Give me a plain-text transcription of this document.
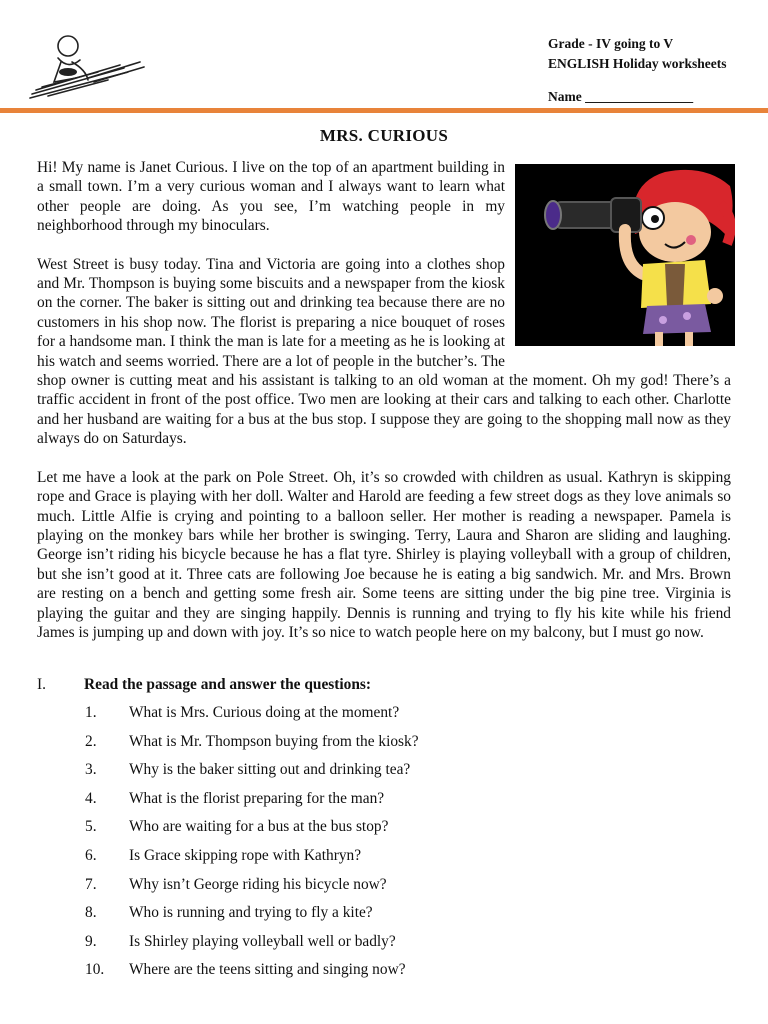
Grade - IV going to V
ENGLISH Holiday worksheets
Name ________________
MRS. CURIOUS

Hi! My name is Janet Curious. I live on the top of an apartment building in a small town. I’m a very curious woman and I always want to learn what other people are doing. As you see, I’m watching people in my neighborhood through my binoculars.

West Street is busy today. Tina and Victoria are going into a clothes shop and Mr. Thompson is buying some biscuits and a newspaper from the kiosk on the corner. The baker is sitting out and drinking tea because there are no customers in his shop now. The florist is preparing a nice bouquet of roses for a handsome man. I think the man is late for a meeting as he is looking at his watch and seems worried. There are a lot of people in the butcher’s. The shop owner is cutting meat and his assistant is talking to an old woman at the moment. Oh my god! There’s a traffic accident in front of the post office. Two men are looking at their cars and talking to each other. Charlotte and her husband are waiting for a bus at the bus stop. I suppose they are going to the shopping mall now as they always do on Saturdays.

Let me have a look at the park on Pole Street. Oh, it’s so crowded with children as usual. Kathryn is skipping rope and Grace is playing with her doll. Walter and Harold are feeding a few street dogs as they love animals so much. Little Alfie is crying and pointing to a balloon seller. Her mother is reading a newspaper. Pamela is playing on the monkey bars while her brother is swinging. Terry, Laura and Sharon are sliding and laughing. George isn’t riding his bicycle because he has a flat tyre. Shirley is playing volleyball with a group of children, but she isn’t good at it. Three cats are following Joe because he is eating a big sandwich. Mr. and Mrs. Brown are resting on a bench and getting some fresh air. Some teens are sitting under the big pine tree. Virginia is playing the guitar and they are singing happily. Dennis is running and trying to fly his kite while his friend James is jumping up and down with joy. It’s so nice to watch people here on my balcony, but I must go now.

I.	Read the passage and answer the questions:
1.	What is Mrs. Curious doing at the moment?
2.	What is Mr. Thompson buying from the kiosk?
3.	Why is the baker sitting out and drinking tea?
4.	What is the florist preparing for the man?
5.	Who are waiting for a bus at the bus stop?
6.	Is Grace skipping rope with Kathryn?
7.	Why isn’t George riding his bicycle now?
8.	Who is running and trying to fly a kite?
9.	Is Shirley playing volleyball well or badly?
10.	Where are the teens sitting and singing now?
